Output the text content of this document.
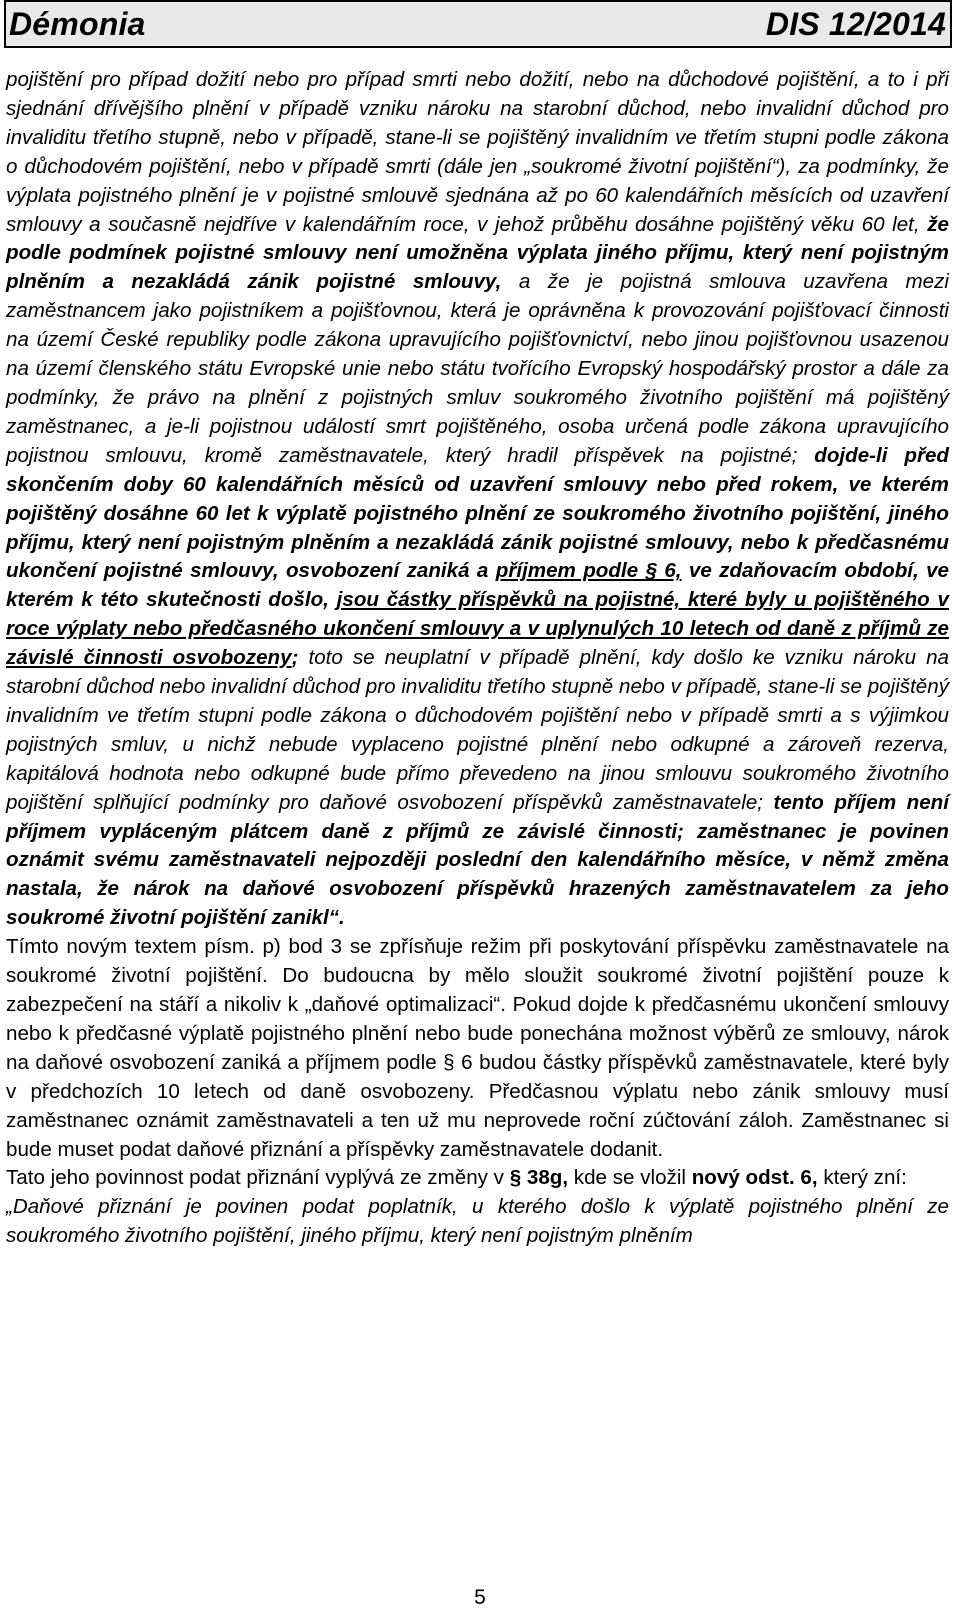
Démonia	DIS 12/2014

pojištění pro případ dožití nebo pro případ smrti nebo dožití, nebo na důchodové pojištění, a to i při sjednání dřívějšího plnění v případě vzniku nároku na starobní důchod, nebo invalidní důchod pro invaliditu třetího stupně, nebo v případě, stane-li se pojištěný invalidním ve třetím stupni podle zákona o důchodovém pojištění, nebo v případě smrti (dále jen „soukromé životní pojištění“), za podmínky, že výplata pojistného plnění je v pojistné smlouvě sjednána až po 60 kalendářních měsících od uzavření smlouvy a současně nejdříve v kalendářním roce, v jehož průběhu dosáhne pojištěný věku 60 let, že podle podmínek pojistné smlouvy není umožněna výplata jiného příjmu, který není pojistným plněním a nezakládá zánik pojistné smlouvy, a že je pojistná smlouva uzavřena mezi zaměstnancem jako pojistníkem a pojišťovnou, která je oprávněna k provozování pojišťovací činnosti na území České republiky podle zákona upravujícího pojišťovnictví, nebo jinou pojišťovnou usazenou na území členského státu Evropské unie nebo státu tvořícího Evropský hospodářský prostor a dále za podmínky, že právo na plnění z pojistných smluv soukromého životního pojištění má pojištěný zaměstnanec, a je-li pojistnou událostí smrt pojištěného, osoba určená podle zákona upravujícího pojistnou smlouvu, kromě zaměstnavatele, který hradil příspěvek na pojistné; dojde-li před skončením doby 60 kalendářních měsíců od uzavření smlouvy nebo před rokem, ve kterém pojištěný dosáhne 60 let k výplatě pojistného plnění ze soukromého životního pojištění, jiného příjmu, který není pojistným plněním a nezakládá zánik pojistné smlouvy, nebo k předčasnému ukončení pojistné smlouvy, osvobození zaniká a příjmem podle § 6, ve zdaňovacím období, ve kterém k této skutečnosti došlo, jsou částky příspěvků na pojistné, které byly u pojištěného v roce výplaty nebo předčasného ukončení smlouvy a v uplynulých 10 letech od daně z příjmů ze závislé činnosti osvobozeny; toto se neuplatní v případě plnění, kdy došlo ke vzniku nároku na starobní důchod nebo invalidní důchod pro invaliditu třetího stupně nebo v případě, stane-li se pojištěný invalidním ve třetím stupni podle zákona o důchodovém pojištění nebo v případě smrti a s výjimkou pojistných smluv, u nichž nebude vyplaceno pojistné plnění nebo odkupné a zároveň rezerva, kapitálová hodnota nebo odkupné bude přímo převedeno na jinou smlouvu soukromého životního pojištění splňující podmínky pro daňové osvobození příspěvků zaměstnavatele; tento příjem není příjmem vypláceným plátcem daně z příjmů ze závislé činnosti; zaměstnanec je povinen oznámit svému zaměstnavateli nejpozději poslední den kalendářního měsíce, v němž změna nastala, že nárok na daňové osvobození příspěvků hrazených zaměstnavatelem za jeho soukromé životní pojištění zanikl“.

Tímto novým textem písm. p) bod 3 se zpřísňuje režim při poskytování příspěvku zaměstnavatele na soukromé životní pojištění. Do budoucna by mělo sloužit soukromé životní pojištění pouze k zabezpečení na stáří a nikoliv k „daňové optimalizaci“. Pokud dojde k předčasnému ukončení smlouvy nebo k předčasné výplatě pojistného plnění nebo bude ponechána možnost výběrů ze smlouvy, nárok na daňové osvobození zaniká a příjmem podle § 6 budou částky příspěvků zaměstnavatele, které byly v předchozích 10 letech od daně osvobozeny. Předčasnou výplatu nebo zánik smlouvy musí zaměstnanec oznámit zaměstnavateli a ten už mu neprovede roční zúčtování záloh. Zaměstnanec si bude muset podat daňové přiznání a příspěvky zaměstnavatele dodanit.

Tato jeho povinnost podat přiznání vyplývá ze změny v § 38g, kde se vložil nový odst. 6, který zní:

„Daňové přiznání je povinen podat poplatník, u kterého došlo k výplatě pojistného plnění ze soukromého životního pojištění, jiného příjmu, který není pojistným plněním

5
